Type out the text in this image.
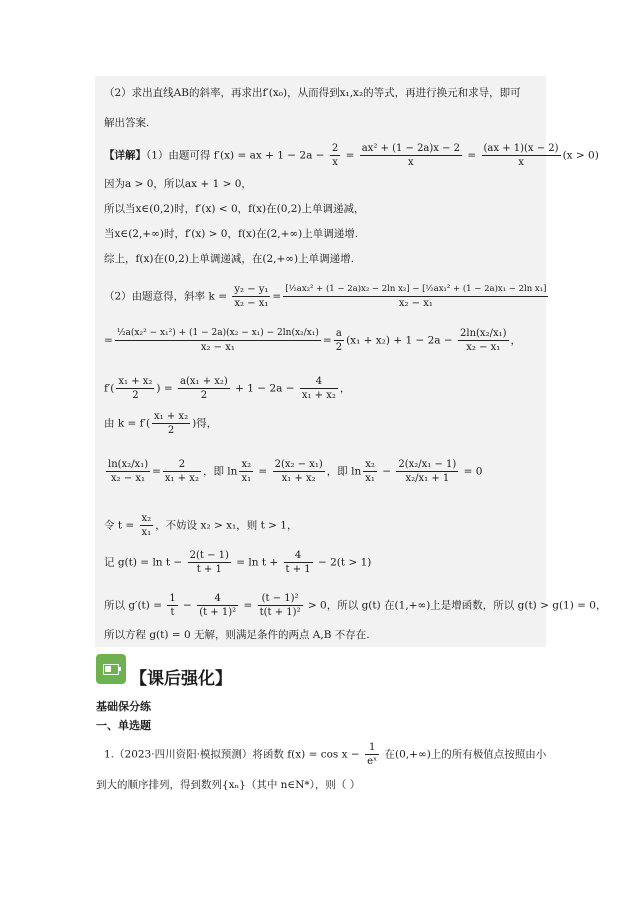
（2）求出直线AB的斜率，再求出f′(x₀)，从而得到x₁,x₂的等式，再进行换元和求导，即可
解出答案.
【详解】（1）由题可得 f′(x) = ax + $1 - 2a - \frac{2}{x} = \frac{\text{ax² + (1 − 2a)x − 2}}{x} = \frac{(ax + 1)(x - 2)}{x} (x > 0)$
因为a > 0，所以ax + 1 > 0，
所以当x∈(0,2)时，f′(x) < 0，f(x)在(0,2)上单调递减，
当x∈(2,+∞)时，f′(x) > 0，f(x)在(2,+∞)上单调递增.
综上，f(x)在(0,2)上单调递减，在(2,+∞)上单调递增.
（2）由题意得，斜率 $k = \frac{\text{y₂ − y₁}}{\text{x₂ − x₁}}$ =
[½ax₂² + (1 − 2a)x₂ − 2ln x₂] − [½ax₁² + (1 − 2a)x₁ − 2ln x₁]
x₂ − x₁
= $\frac{\text{½a(x₂² − x₁²) + (1 − 2a)(x₂ − x₁) − 2ln(x₂/x₁)}}{\text{x₂ − x₁}} = \frac{a}{2} (x_1 + x_2) + 1 - 2a - \frac{\text{2ln(x₂/x₁)}}{\text{x₂ − x₁}}$ ，
$f'( \frac{\text{x₁ + x₂}}{2}$ ) = $\frac{\text{a(x₁ + x₂)}}{2} + 1 - 2a - \frac{4}{\text{x₁ + x₂}}$ ，
由 $k = f'( \frac{\text{x₁ + x₂}}{2}$ )得，
$\frac{\text{ln(x₂/x₁)}}{\text{x₂ − x₁}} = \frac{2}{\text{x₁ + x₂}}$ ，即 $\ln \frac{\text{x₂}}{\text{x₁}} = \frac{\text{2(x₂ − x₁)}}{\text{x₁ + x₂}}$ ，即 $\ln \frac{\text{x₂}}{\text{x₁}} - \frac{\text{2(x₂/x₁ − 1)}}{\text{x₂/x₁ + 1}} = 0$
令 $t = \frac{\text{x₂}}{\text{x₁}}$ ，不妨设 x₂ > x₁，则 t > 1，
记 $g(t) = \ln t - \frac{2(t - 1)}{t + 1} = \ln t + \frac{4}{t + 1} - 2(t > 1)$
所以 $g'(t) = \frac{1}{t} - \frac{4}{\text{(t + 1)²}} = \frac{\text{(t − 1)²}}{\text{t(t + 1)²}} > 0$，所以 g(t) 在(1,+∞)上是增函数，所以 g(t) > g(1) = 0，
所以方程 g(t) = 0 无解，则满足条件的两点 A,B 不存在.
【课后强化】
基础保分练
一、单选题
1.（2023·四川资阳·模拟预测）将函数 $f(x) = \cos x - \frac{1}{\text{eˣ}}$ 在(0,+∞)上的所有极值点按照由小
到大的顺序排列，得到数列{xₙ}（其中 n∈N*），则（ ）
